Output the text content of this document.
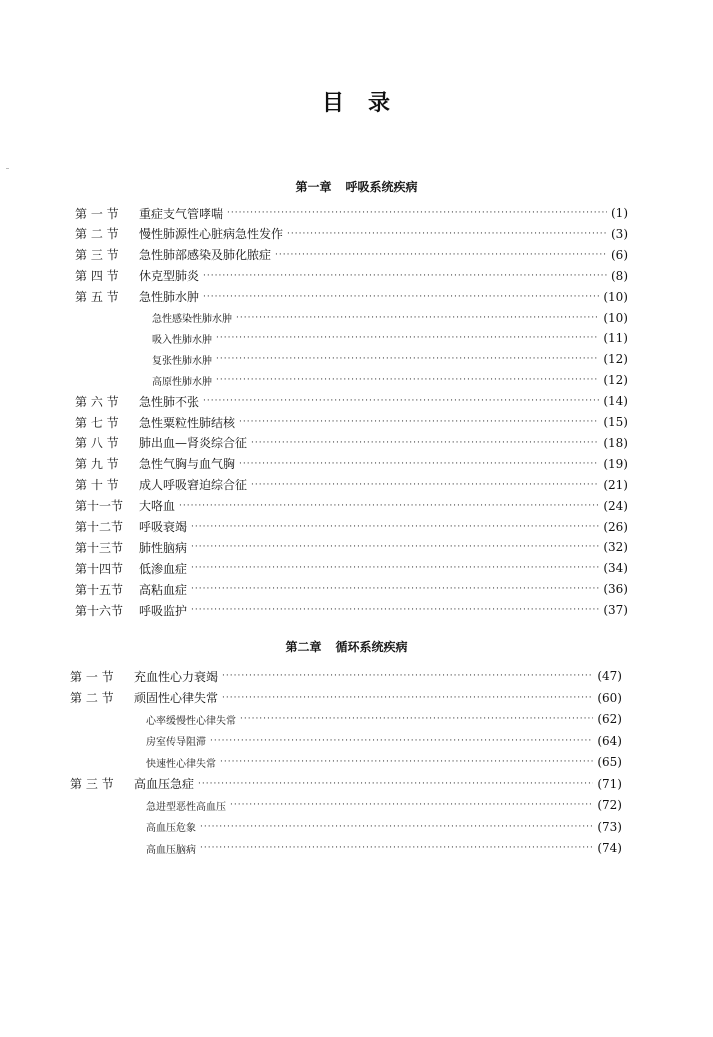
目　录
第一章 呼吸系统疾病
第 一 节	重症支气管哮喘 ·····	(1)
第 二 节	慢性肺源性心脏病急性发作 ·····	(3)
第 三 节	急性肺部感染及肺化脓症 ·····	(6)
第 四 节	休克型肺炎 ·····	(8)
第 五 节	急性肺水肿 ·····	(10)
急性感染性肺水肿 ·····	(10)
吸入性肺水肿 ·····	(11)
复张性肺水肿 ·····	(12)
高原性肺水肿 ·····	(12)
第 六 节	急性肺不张 ·····	(14)
第 七 节	急性粟粒性肺结核 ·····	(15)
第 八 节	肺出血—肾炎综合征 ·····	(18)
第 九 节	急性气胸与血气胸 ·····	(19)
第 十 节	成人呼吸窘迫综合征 ·····	(21)
第十一节	大咯血 ·····	(24)
第十二节	呼吸衰竭 ·····	(26)
第十三节	肺性脑病 ·····	(32)
第十四节	低渗血症 ·····	(34)
第十五节	高粘血症 ·····	(36)
第十六节	呼吸监护 ·····	(37)
第二章 循环系统疾病
第 一 节	充血性心力衰竭 ·····	(47)
第 二 节	顽固性心律失常 ·····	(60)
心率缓慢性心律失常 ·····	(62)
房室传导阻滞 ·····	(64)
快速性心律失常 ·····	(65)
第 三 节	高血压急症 ·····	(71)
急进型恶性高血压 ·····	(72)
高血压危象 ·····	(73)
高血压脑病 ·····	(74)
